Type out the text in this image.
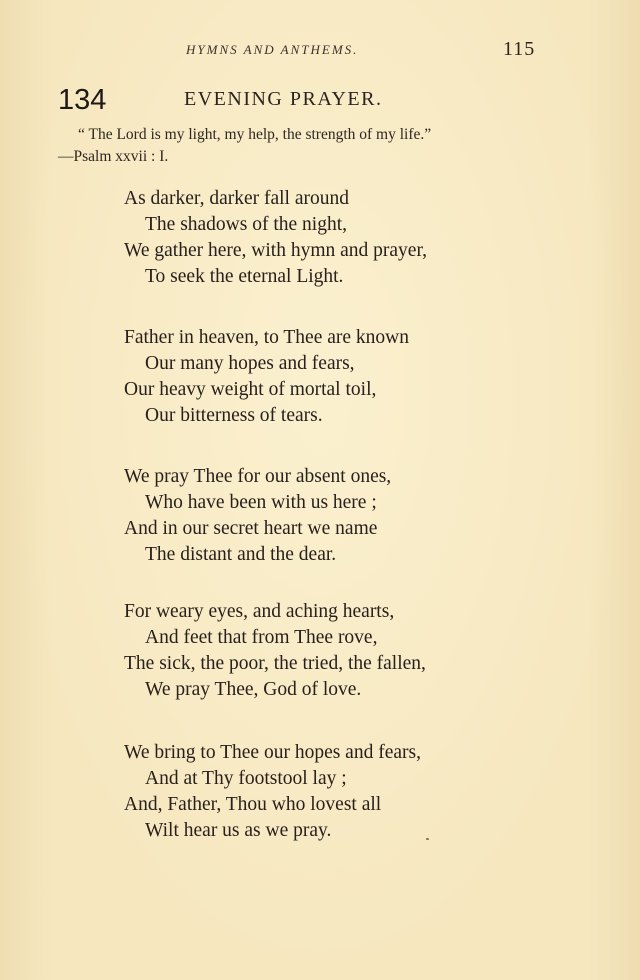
HYMNS AND ANTHEMS.	115
134	EVENING PRAYER.
“ The Lord is my light, my help, the strength of my life.”
—Psalm xxvii : I.
As darker, darker fall around
The shadows of the night,
We gather here, with hymn and prayer,
To seek the eternal Light.
Father in heaven, to Thee are known
Our many hopes and fears,
Our heavy weight of mortal toil,
Our bitterness of tears.
We pray Thee for our absent ones,
Who have been with us here ;
And in our secret heart we name
The distant and the dear.
For weary eyes, and aching hearts,
And feet that from Thee rove,
The sick, the poor, the tried, the fallen,
We pray Thee, God of love.
We bring to Thee our hopes and fears,
And at Thy footstool lay ;
And, Father, Thou who lovest all
Wilt hear us as we pray.
